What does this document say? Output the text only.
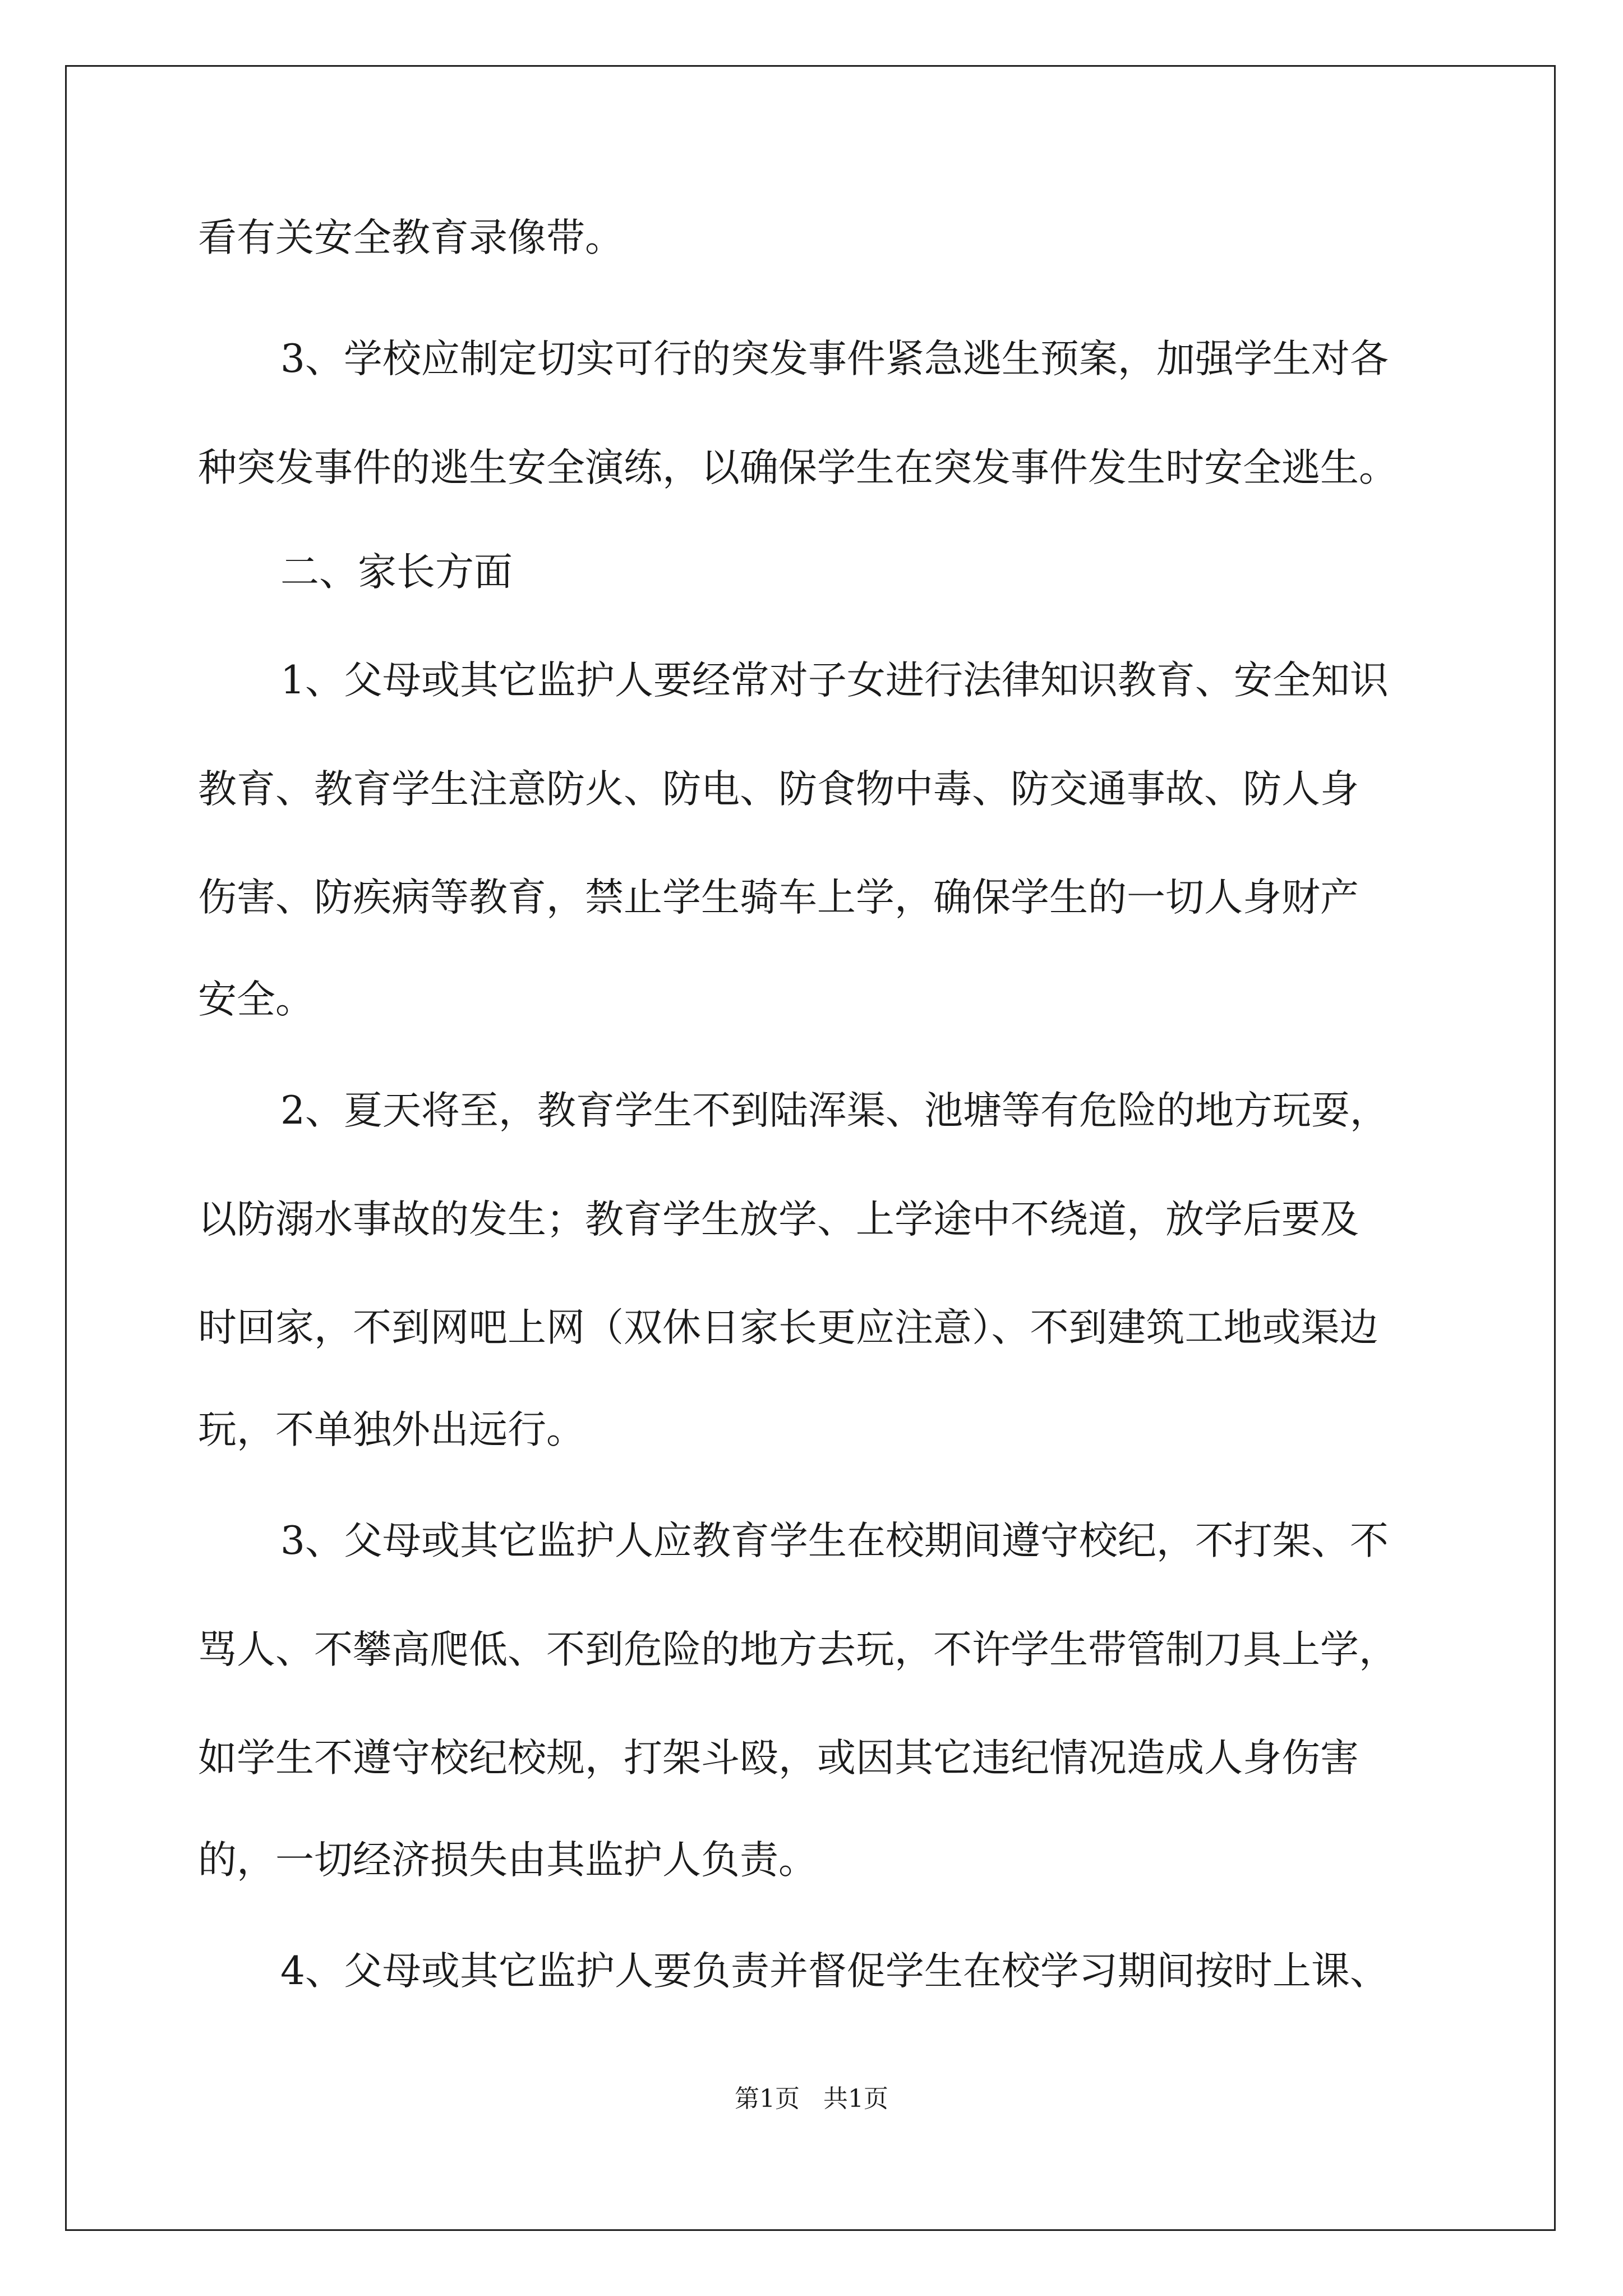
看有关安全教育录像带。
3、学校应制定切实可行的突发事件紧急逃生预案，加强学生对各
种突发事件的逃生安全演练，以确保学生在突发事件发生时安全逃生。
二、家长方面
1、父母或其它监护人要经常对子女进行法律知识教育、安全知识
教育、教育学生注意防火、防电、防食物中毒、防交通事故、防人身
伤害、防疾病等教育，禁止学生骑车上学，确保学生的一切人身财产
安全。
2、夏天将至，教育学生不到陆浑渠、池塘等有危险的地方玩耍，
以防溺水事故的发生；教育学生放学、上学途中不绕道，放学后要及
时回家，不到网吧上网（双休日家长更应注意）、不到建筑工地或渠边
玩，不单独外出远行。
3、父母或其它监护人应教育学生在校期间遵守校纪，不打架、不
骂人、不攀高爬低、不到危险的地方去玩，不许学生带管制刀具上学，
如学生不遵守校纪校规，打架斗殴，或因其它违纪情况造成人身伤害
的，一切经济损失由其监护人负责。
4、父母或其它监护人要负责并督促学生在校学习期间按时上课、
第1页   共1页
